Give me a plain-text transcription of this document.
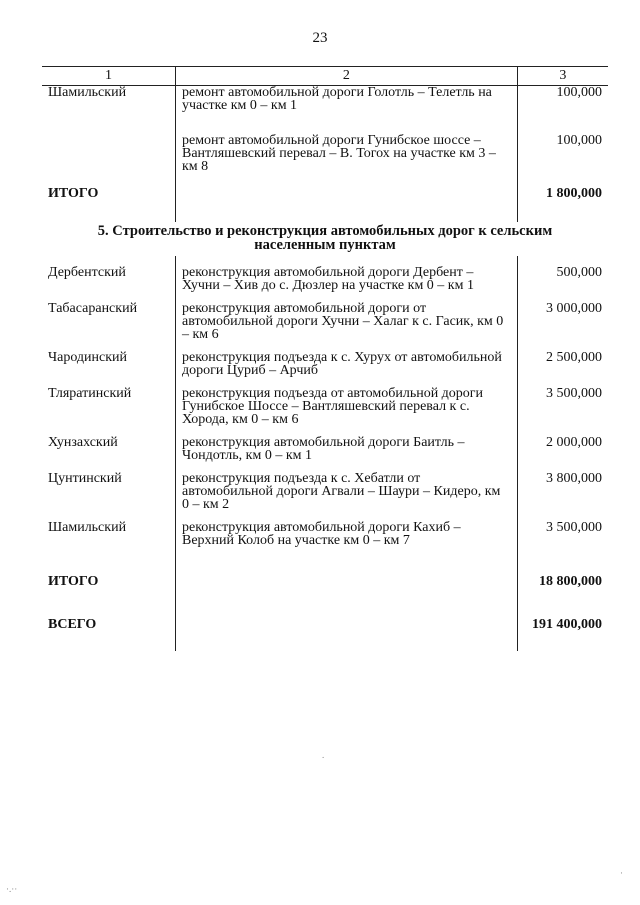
23
1	2	3
Шамильский	ремонт автомобильной дороги Голотль – Телетль на участке км 0 – км 1	100,000
	ремонт автомобильной дороги Гунибское шоссе – Вантляшевский перевал – В. Тогох на участке км 3 – км 8	100,000
ИТОГО		1 800,000
5. Строительство и реконструкция автомобильных дорог к сельским населенным пунктам		
Дербентский	реконструкция автомобильной дороги Дербент – Хучни – Хив до с. Дюзлер на участке км 0 – км 1	500,000
Табасаранский	реконструкция автомобильной дороги от автомобильной дороги Хучни – Халаг к с. Гасик, км 0 – км 6	3 000,000
Чародинский	реконструкция подъезда к с. Хурух от автомобильной дороги Цуриб – Арчиб	2 500,000
Тляратинский	реконструкция подъезда от автомобильной дороги Гунибское Шоссе – Вантляшевский перевал к с. Хорода, км 0 – км 6	3 500,000
Хунзахский	реконструкция автомобильной дороги Баитль – Чондотль, км 0 – км 1	2 000,000
Цунтинский	реконструкция подъезда к с. Хебатли от автомобильной дороги Агвали – Шаури – Кидеро, км 0 – км 2	3 800,000
Шамильский	реконструкция автомобильной дороги Кахиб – Верхний Колоб на участке км 0 – км 7	3 500,000
ИТОГО		18 800,000
ВСЕГО		191 400,000
·.··
·
.
